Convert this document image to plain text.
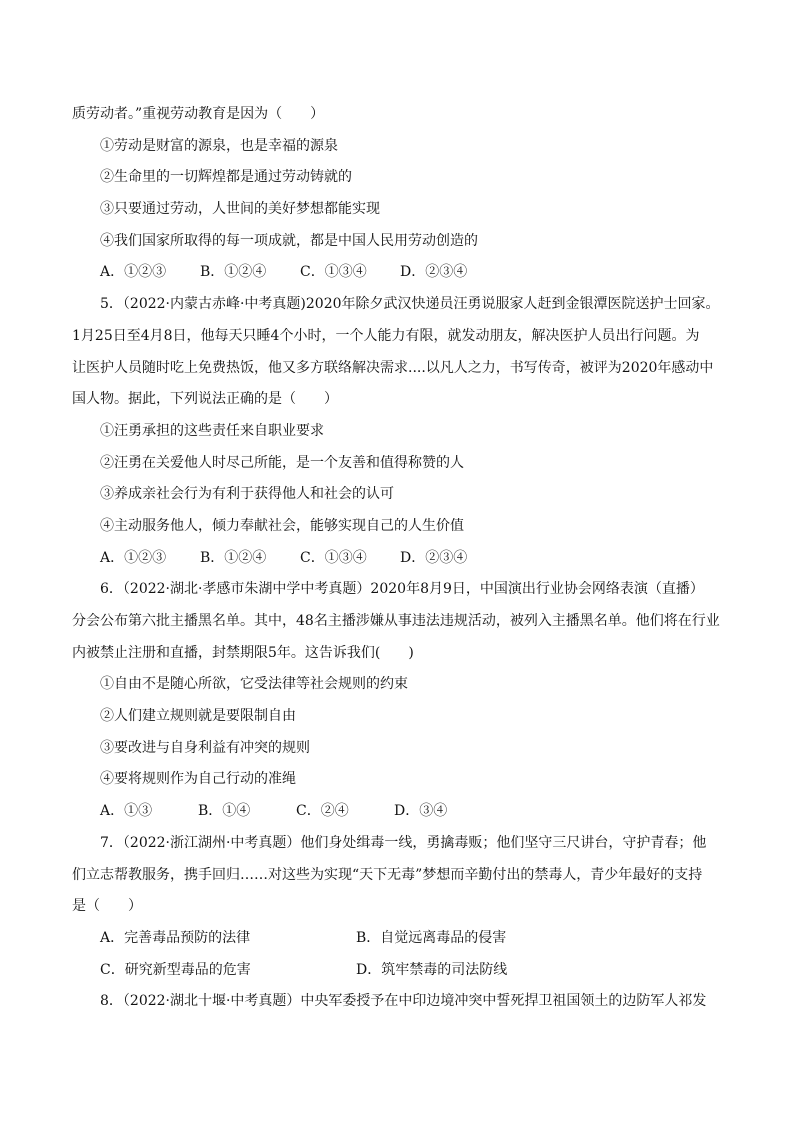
质劳动者。”重视劳动教育是因为（　　）
①劳动是财富的源泉，也是幸福的源泉
②生命里的一切辉煌都是通过劳动铸就的
③只要通过劳动，人世间的美好梦想都能实现
④我们国家所取得的每一项成就，都是中国人民用劳动创造的
A．①②③ B．①②④ C．①③④ D．②③④
5．（2022·内蒙古赤峰·中考真题)2020年除夕武汉快递员汪勇说服家人赶到金银潭医院送护士回家。
1月25日至4月8日，他每天只睡4个小时，一个人能力有限，就发动朋友，解决医护人员出行问题。为
让医护人员随时吃上免费热饭，他又多方联络解决需求....以凡人之力，书写传奇，被评为2020年感动中
国人物。据此，下列说法正确的是（　　）
①汪勇承担的这些责任来自职业要求
②汪勇在关爱他人时尽己所能，是一个友善和值得称赞的人
③养成亲社会行为有利于获得他人和社会的认可
④主动服务他人，倾力奉献社会，能够实现自己的人生价值
A．①②③ B．①②④ C．①③④ D．②③④
6．（2022·湖北·孝感市朱湖中学中考真题）2020年8月9日，中国演出行业协会网络表演（直播）
分会公布第六批主播黑名单。其中，48名主播涉嫌从事违法违规活动，被列入主播黑名单。他们将在行业
内被禁止注册和直播，封禁期限5年。这告诉我们(　　)
①自由不是随心所欲，它受法律等社会规则的约束
②人们建立规则就是要限制自由
③要改进与自身利益有冲突的规则
④要将规则作为自己行动的准绳
A．①③	B．①④	C．②④	D．③④
7．（2022·浙江湖州·中考真题）他们身处缉毒一线，勇擒毒贩；他们坚守三尺讲台，守护青春；他
们立志帮教服务，携手回归……对这些为实现“天下无毒”梦想而辛勤付出的禁毒人，青少年最好的支持
是（　　）
A．完善毒品预防的法律	B．自觉远离毒品的侵害
C．研究新型毒品的危害	D．筑牢禁毒的司法防线
8．（2022·湖北十堰·中考真题）中央军委授予在中印边境冲突中誓死捍卫祖国领土的边防军人祁发
